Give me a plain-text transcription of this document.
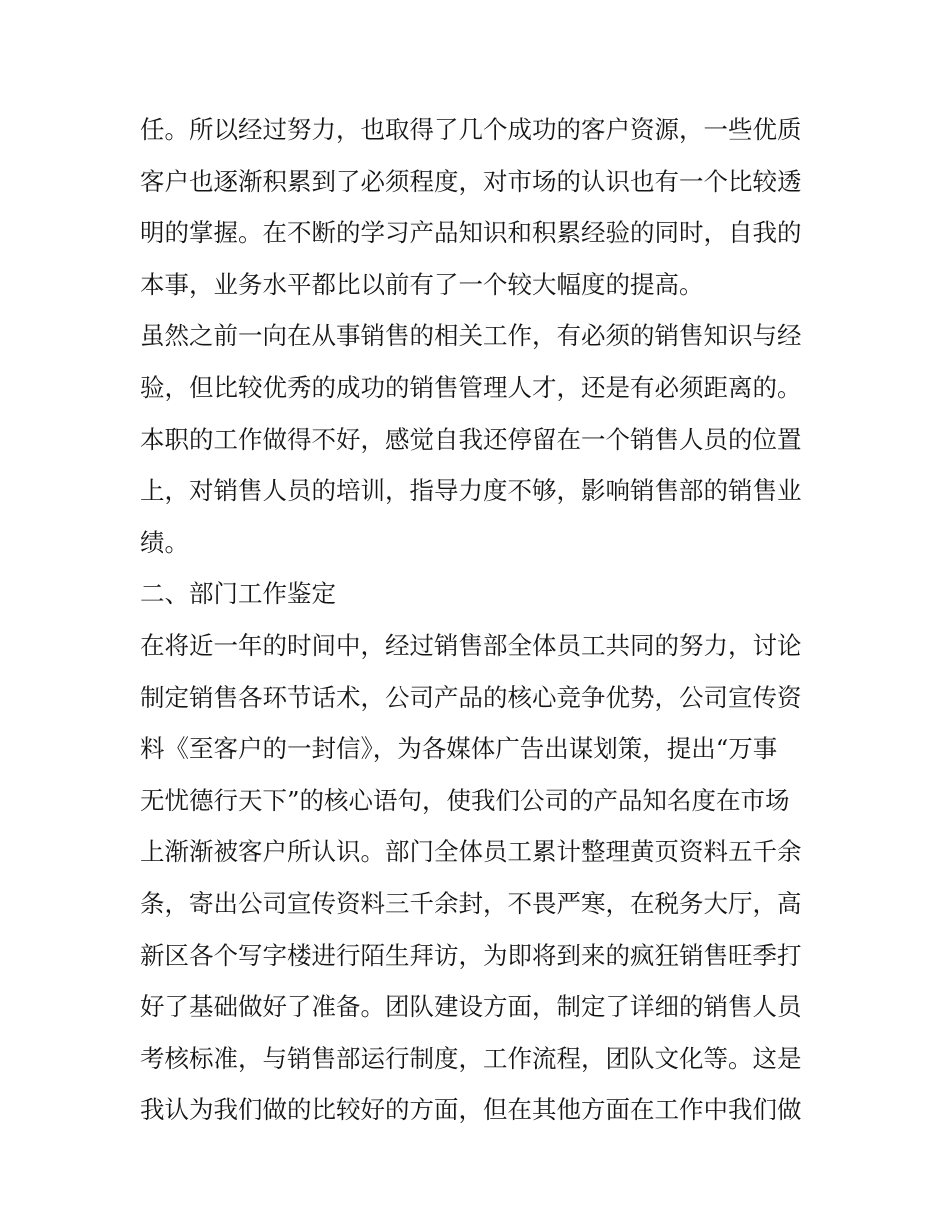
任。所以经过努力，也取得了几个成功的客户资源，一些优质
客户也逐渐积累到了必须程度，对市场的认识也有一个比较透
明的掌握。在不断的学习产品知识和积累经验的同时，自我的
本事，业务水平都比以前有了一个较大幅度的提高。
虽然之前一向在从事销售的相关工作，有必须的销售知识与经
验，但比较优秀的成功的销售管理人才，还是有必须距离的。
本职的工作做得不好，感觉自我还停留在一个销售人员的位置
上，对销售人员的培训，指导力度不够，影响销售部的销售业
绩。
二、部门工作鉴定
在将近一年的时间中，经过销售部全体员工共同的努力，讨论
制定销售各环节话术，公司产品的核心竞争优势，公司宣传资
料《至客户的一封信》，为各媒体广告出谋划策，提出“万事
无忧德行天下”的核心语句，使我们公司的产品知名度在市场
上渐渐被客户所认识。部门全体员工累计整理黄页资料五千余
条，寄出公司宣传资料三千余封，不畏严寒，在税务大厅，高
新区各个写字楼进行陌生拜访，为即将到来的疯狂销售旺季打
好了基础做好了准备。团队建设方面，制定了详细的销售人员
考核标准，与销售部运行制度，工作流程，团队文化等。这是
我认为我们做的比较好的方面，但在其他方面在工作中我们做
